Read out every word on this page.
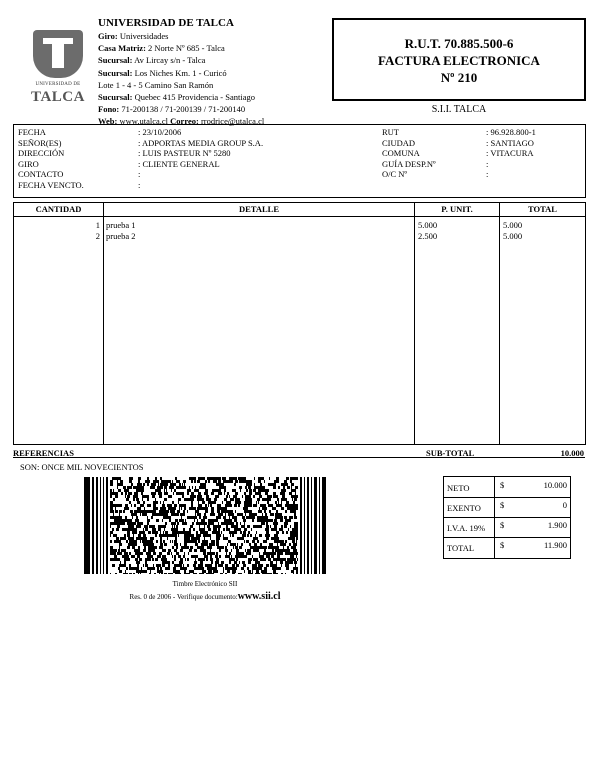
UNIVERSIDAD DE
TALCA
UNIVERSIDAD DE TALCA
Giro: Universidades
Casa Matriz: 2 Norte Nº 685 - Talca
Sucursal: Av Lircay s/n - Talca
Sucursal: Los Niches Km. 1 - Curicó
Lote 1 - 4 - 5 Camino San Ramón
Sucursal: Quebec 415 Providencia - Santiago
Fono: 71-200138 / 71-200139 / 71-200140
Web: www.utalca.cl Correo: rrodrice@utalca.cl
R.U.T. 70.885.500-6
FACTURA ELECTRONICA
Nº 210
S.I.I. TALCA
FECHA	: 23/10/2006
SEÑOR(ES)	: ADPORTAS MEDIA GROUP S.A.
DIRECCIÓN	: LUIS PASTEUR Nº 5280
GIRO	: CLIENTE GENERAL
CONTACTO	:
FECHA VENCTO.	:
RUT	: 96.928.800-1
CIUDAD	: SANTIAGO
COMUNA	: VITACURA
GUÍA DESP.Nº	:
O/C Nº	:
CANTIDAD	DETALLE	P. UNIT.	TOTAL
1 prueba 1	5.000	5.000
2 prueba 2	2.500	5.000
REFERENCIAS	SUB-TOTAL	10.000
SON: ONCE MIL NOVECIENTOS
Timbre Electrónico SII
Res. 0 de 2006 - Verifique documento:www.sii.cl
NETO	$	10.000
EXENTO $	0
I.V.A. 19% $	1.900
TOTAL	$	11.900
